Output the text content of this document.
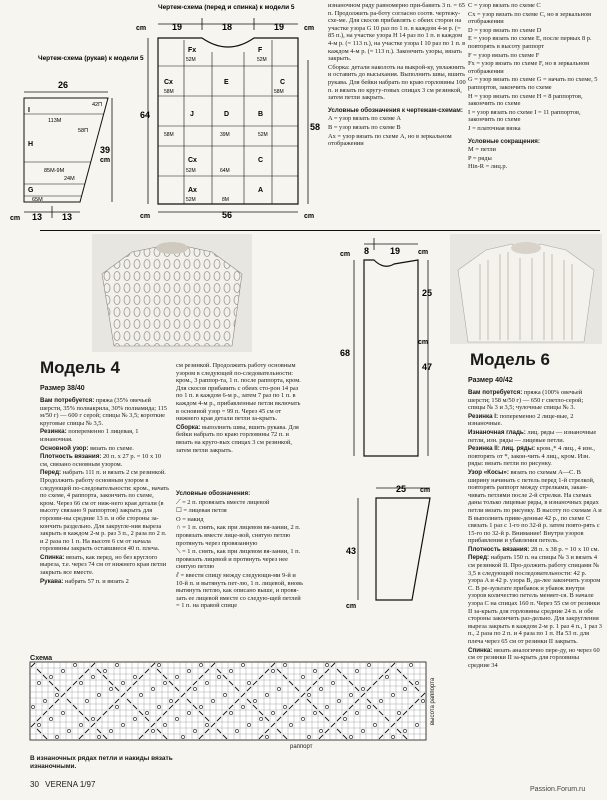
Чертеж-схема (рукав) к модели 5
26
39
13 13
cm
cm
42П
113M
58П
I
H
85M-9M
24M
G
65M
Чертеж-схема (перед и спинка) к модели 5
19	18	19
cm	cm
64
58
56
cm	cm
Fx	F
52M	52M
Cx	E	C
58M	58M
J	D
39M
B
52M
58M
Cx	C
52M	64M
Ax	A
52M	8M

изнаночном ряду равномерно при-бавить 3 п. = 65 п. Продолжить ра-боту согласно соотв. чертежу-схе-ме. Для скосов прибавлять с обеих сторон на участке узора G 10 раз по 1 п. в каждом 4-м р. (= 85 п.), на участке узора H 14 раз по 1 п. в каждом 4-м р. (= 113 п.), на участке узора I 10 раз по 1 п. в каждом 4-м р. (= 113 п.). Закончить узоры, вязать закрыть.

Сборка: детали наколоть на выкрой-ку, увлажнить и оставить до высыхания. Выполнить швы, вшить рукава. Для бейки набрать по краю горловины 100 п. и вязать по кругу-говых спицах 3 см резинкой, затем петли закрыть.

Условные обозначения к чертежам-схемам:

A = узор вязать по схеме A

B = узор вязать по схеме B

Ax = узор вязать по схеме A, но в зеркальном отображении

C = узор вязать по схеме C

Cx = узор вязать по схеме C, но в зеркальном отображении

D = узор вязать по схеме D

E = узор вязать по схеме E, после первых 8 р. повторять в высоту раппорт

F = узор вязать по схеме F

Fx = узор вязать по схеме F, но в зеркальном отображении

G = узор вязать по схеме G = начать по схеме, 5 раппортов, закончить по схеме

H = узор вязать по схеме H = 8 раппортов, закончить по схеме

I = узор вязать по схеме I = 11 раппортов, закончить по схеме

J = платочная вязка

Условные сокращения:

M = петли

P = ряды

Hin-R = лиц.р.

Модель 4
Размер 38/40

Вам потребуется: пряжа (35% овечьей шерсти, 35% полиакрила, 30% полиамида; 115 м/50 г) — 600 г серой; спицы № 3,5; короткие круговые спицы № 3,5.

Резинка: попеременно 1 лицевая, 1 изнаночная.

Основной узор: вязать по схеме.

Плотность вязания: 20 п. x 27 р. = 10 x 10 см, связано основным узором.

Перед: набрать 111 п. и вязать 2 см резинкой. Продолжить работу основным узором в следующей по-следовательности: кром., начать по схеме, 4 раппорта, закончить по схеме, кром. Через 66 см от ниж-него края детали (в высоту связано 9 раппортов) закрыть для горлови-ны средние 13 п. и обе стороны за-кончить раздельно. Для закругле-ния выреза закрыть в каждом 2-м р. раз 3 п., 2 раза по 2 п. и 2 раза по 1 п. На высоте 6 см от начала горловины закрыть оставшиеся 40 п. плеча.

Спинка: вязать, как перед, но без круглого выреза, т.е. через 74 см от нижнего края петли закрыть все вместе.

Рукава: набрать 57 п. и вязать 2

см резинкой. Продолжить работу основным узором в следующей по-следовательности: кром., 3 раппор-та, 1 п. после раппорта, кром. Для скосов прибавить с обеих сто-рон 14 раз по 1 п. в каждом 6-м р., затем 7 раз по 1 п. в каждом 4-м р., прибавленные петли включать в основной узор = 99 п. Через 45 см от нижнего края детали петли за-крыть.

Сборка: выполнить швы, вшить рукава. Для бейки набрать по краю горловины 72 п. и вязать на круго-вых спицах 3 см резинкой, затем петли закрыть.

Условные обозначения:

⟋ = 2 п. провязать вместе лицевой

☐ = лицевая петля

O = накид

∩ = 1 п. снять, как при лицевом вя-зании, 2 п. провязать вместе лице-вой, снятую петлю протянуть через провязанную

⟍ = 1 п. снять, как при лицевом вя-зании, 1 п. провязать лицевой и протянуть через нее снятую петлю

⫽ = ввести спицу между следующи-ми 9-й и 10-й п. и вытянуть пет-лю, 1 п. лицевой, вновь вытянуть петлю, как описано выше, и провя-зать ее лицевой вместе со следую-щей петлей = 1 п. на правой спице

8 19
25
68
47
cm	cm
cm
25
43
cm
cm
Модель 6
Размер 40/42

Вам потребуется: пряжа (100% овечьей шерсти; 158 м/50 г) — 650 г светло-серой; спицы № 3 и 3,5; чулочные спицы № 3.

Резинка I: попеременно 2 лице-вые, 2 изнаночные.

Изнаночная гладь: лиц. ряды — изнаночные петли, изн. ряды — лицевые петли.

Резинка II: лиц. ряды: кром.,* 4 лиц., 4 изн., повторять от *, закон-чить 4 лиц., кром. Изн. ряды: вязать петли по рисунку.

Узор «Косы»: вязать по схемам A—C. В ширину начинать с петель перед 1-й стрелкой, повторять раппорт между стрелками, закан-чивать петлями после 2-й стрелки. На схемах даны только лицевые ряды, в изнаночных рядах петли вязать по рисунку. В высоту по схемам A и B выполнить приве-денные 42 р., по схеме C связать 1 раз с 1-го по 32-й р. затем повто-рять с 15-го по 32-й р. Внимание! Внутри узоров прибавления и убавления петель.

Плотность вязания: 28 п. x 38 р. = 10 x 10 см.

Перед: набрать 150 п. на спицы № 3 и вязать 4 см резинкой II. Про-должить работу спицами № 3,5 в следующей последовательности: 42 р. узора A и 42 р. узора B, да-лее закончить узором C. В ре-зультате прибавок и убавок внутри узоров количество петель меняет-ся. В начале узора C на спицах 160 п. Через 55 см от резинки II за-крыть для горловины средние 24 п. и обе стороны закончить раз-дельно. Для закругления выреза закрыть в каждом 2-м р. 1 раз 4 п., 1 раз 3 п., 2 раза по 2 п. и 4 раза по 1 п. На 53 п. для плеча через 65 см от резинки II закрыть.

Спинка: вязать аналогично пере-ду, но через 60 см от резинки II за-крыть для горловины средние 34

Схема
раппорт
высота раппорта
В изнаночных рядах петли и накиды вязать изнаночными.
30 VERENA 1/97
Passion.Forum.ru
